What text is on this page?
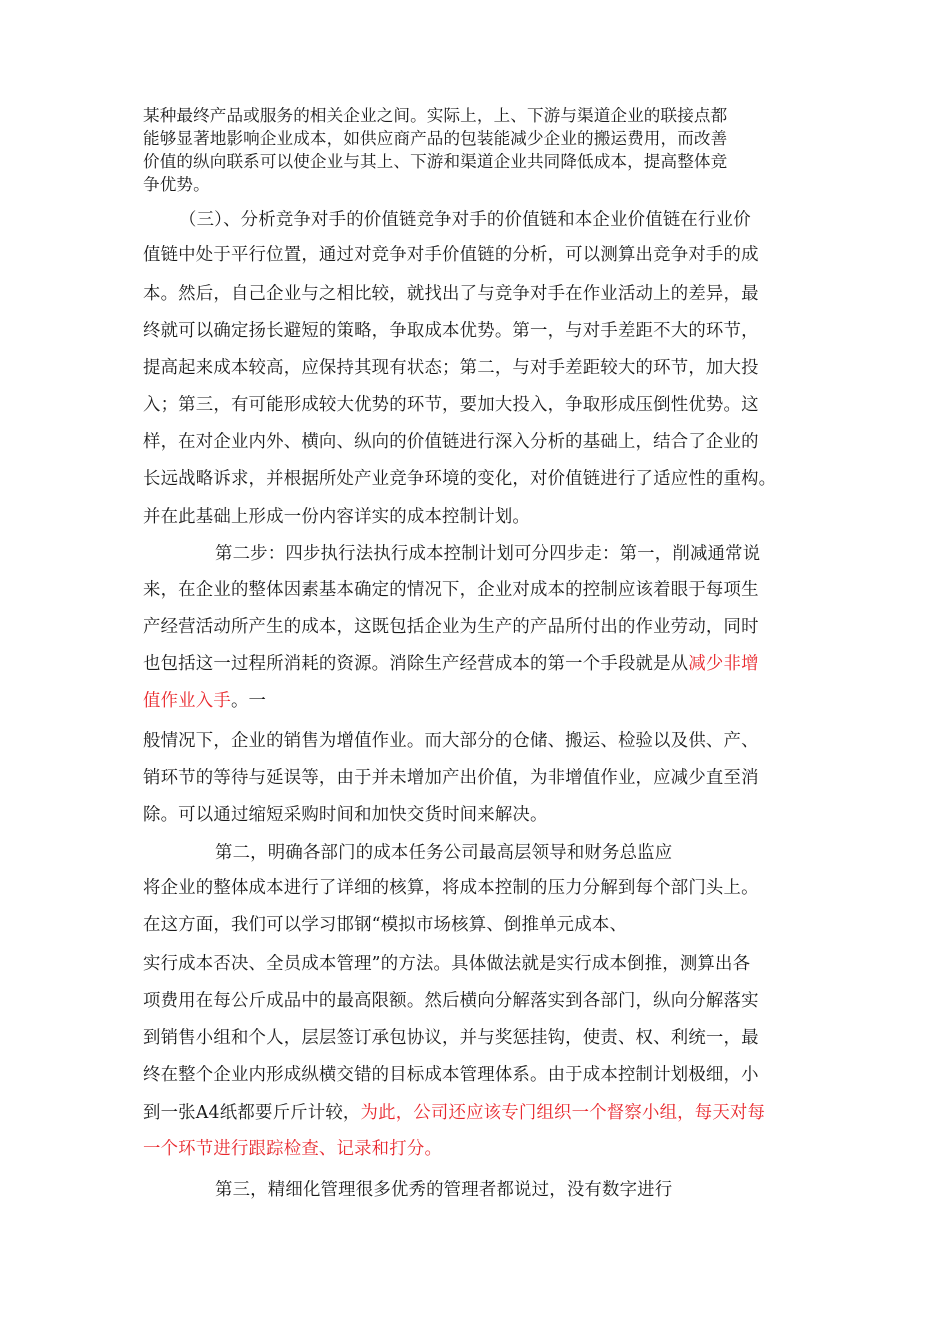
某种最终产品或服务的相关企业之间。实际上，上、下游与渠道企业的联接点都
能够显著地影响企业成本，如供应商产品的包装能减少企业的搬运费用，而改善
价值的纵向联系可以使企业与其上、下游和渠道企业共同降低成本，提高整体竞
争优势。
（三）、分析竞争对手的价值链竞争对手的价值链和本企业价值链在行业价
值链中处于平行位置，通过对竞争对手价值链的分析，可以测算出竞争对手的成
本。然后，自己企业与之相比较，就找出了与竞争对手在作业活动上的差异，最
终就可以确定扬长避短的策略，争取成本优势。第一，与对手差距不大的环节，
提高起来成本较高，应保持其现有状态；第二，与对手差距较大的环节，加大投
入；第三，有可能形成较大优势的环节，要加大投入，争取形成压倒性优势。这
样，在对企业内外、横向、纵向的价值链进行深入分析的基础上，结合了企业的
长远战略诉求，并根据所处产业竞争环境的变化，对价值链进行了适应性的重构。
并在此基础上形成一份内容详实的成本控制计划。
第二步：四步执行法执行成本控制计划可分四步走：第一，削减通常说
来，在企业的整体因素基本确定的情况下，企业对成本的控制应该着眼于每项生
产经营活动所产生的成本，这既包括企业为生产的产品所付出的作业劳动，同时
也包括这一过程所消耗的资源。消除生产经营成本的第一个手段就是从减少非增
值作业入手。一
般情况下，企业的销售为增值作业。而大部分的仓储、搬运、检验以及供、产、
销环节的等待与延误等，由于并未增加产出价值，为非增值作业，应减少直至消
除。可以通过缩短采购时间和加快交货时间来解决。
第二，明确各部门的成本任务公司最高层领导和财务总监应
将企业的整体成本进行了详细的核算，将成本控制的压力分解到每个部门头上。
在这方面，我们可以学习邯钢“模拟市场核算、倒推单元成本、
实行成本否决、全员成本管理”的方法。具体做法就是实行成本倒推，测算出各
项费用在每公斤成品中的最高限额。然后横向分解落实到各部门，纵向分解落实
到销售小组和个人，层层签订承包协议，并与奖惩挂钩，使责、权、利统一，最
终在整个企业内形成纵横交错的目标成本管理体系。由于成本控制计划极细，小
到一张A4纸都要斤斤计较，为此，公司还应该专门组织一个督察小组，每天对每
一个环节进行跟踪检查、记录和打分。
第三，精细化管理很多优秀的管理者都说过，没有数字进行
